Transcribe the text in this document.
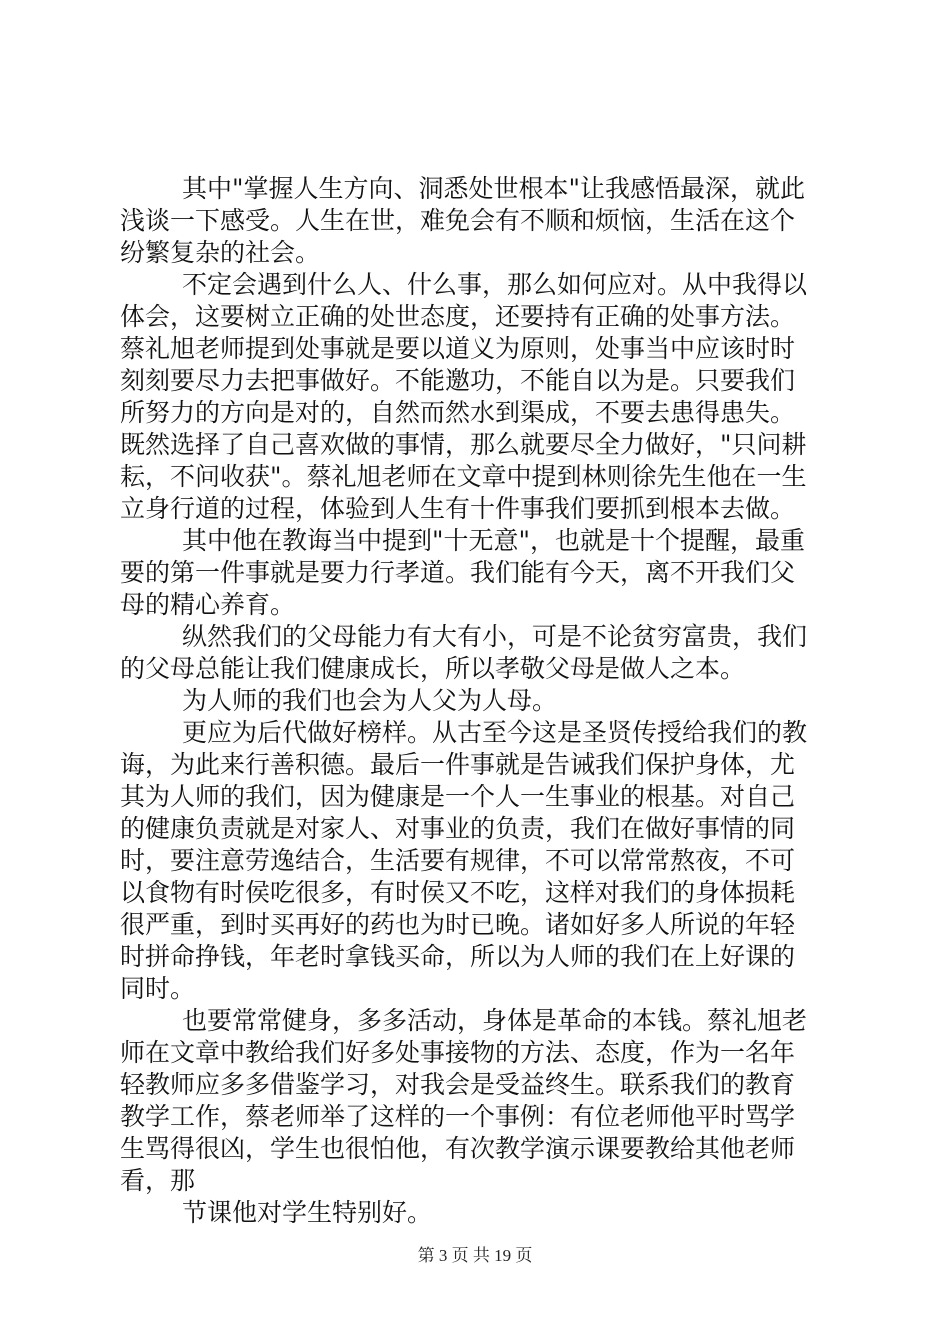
其中"掌握人生方向、洞悉处世根本"让我感悟最深，就此
浅谈一下感受。人生在世，难免会有不顺和烦恼，生活在这个
纷繁复杂的社会。
不定会遇到什么人、什么事，那么如何应对。从中我得以
体会，这要树立正确的处世态度，还要持有正确的处事方法。
蔡礼旭老师提到处事就是要以道义为原则，处事当中应该时时
刻刻要尽力去把事做好。不能邀功，不能自以为是。只要我们
所努力的方向是对的，自然而然水到渠成，不要去患得患失。
既然选择了自己喜欢做的事情，那么就要尽全力做好，"只问耕
耘，不问收获"。蔡礼旭老师在文章中提到林则徐先生他在一生
立身行道的过程，体验到人生有十件事我们要抓到根本去做。
其中他在教诲当中提到"十无意"，也就是十个提醒，最重
要的第一件事就是要力行孝道。我们能有今天，离不开我们父
母的精心养育。
纵然我们的父母能力有大有小，可是不论贫穷富贵，我们
的父母总能让我们健康成长，所以孝敬父母是做人之本。
为人师的我们也会为人父为人母。
更应为后代做好榜样。从古至今这是圣贤传授给我们的教
诲，为此来行善积德。最后一件事就是告诫我们保护身体，尤
其为人师的我们，因为健康是一个人一生事业的根基。对自己
的健康负责就是对家人、对事业的负责，我们在做好事情的同
时，要注意劳逸结合，生活要有规律，不可以常常熬夜，不可
以食物有时侯吃很多，有时侯又不吃，这样对我们的身体损耗
很严重，到时买再好的药也为时已晚。诸如好多人所说的年轻
时拼命挣钱，年老时拿钱买命，所以为人师的我们在上好课的
同时。
也要常常健身，多多活动，身体是革命的本钱。蔡礼旭老
师在文章中教给我们好多处事接物的方法、态度，作为一名年
轻教师应多多借鉴学习，对我会是受益终生。联系我们的教育
教学工作，蔡老师举了这样的一个事例：有位老师他平时骂学
生骂得很凶，学生也很怕他，有次教学演示课要教给其他老师
看，那
节课他对学生特别好。
第 3 页 共 19 页
